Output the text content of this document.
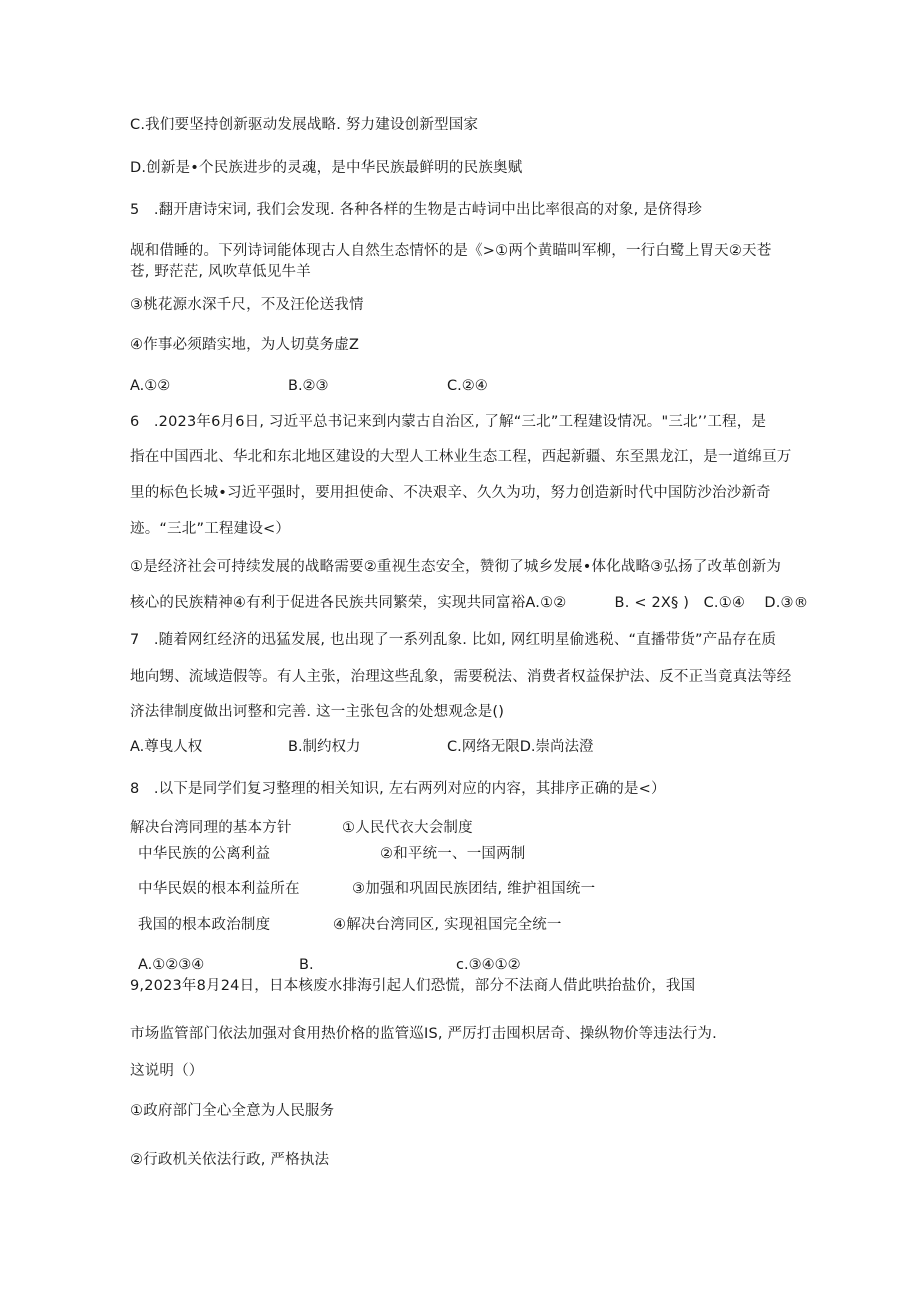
C.我们要坚持创新驱动发展战略. 努力建设创新型国家
D.创新是•个民族进步的灵魂，是中华民族最鲜明的民族奥赋
5   .翻开唐诗宋词, 我们会发现. 各种各样的生物是古峙词中出比率很高的对象, 是侪得珍
觇和借睡的。下列诗词能体现古人自然生态情怀的是《>①两个黄瞄叫军柳，一行白鹭上胃天②天苍
苍, 野茫茫, 风吹草低见牛羊
③桃花源水深千尺，不及汪伦送我情
④作事必须踏实地，为人切莫务虚Z
A.①②	B.②③	C.②④
6   .2023年6月6日, 习近平总书记来到内蒙古自治区, 了解“三北”工程建设情况。"三北’’工程，是
指在中国西北、华北和东北地区建设的大型人工林业生态工程，西起新疆、东至黑龙江，是一道绵亘万
里的标色长城•习近平强时，要用担使命、不决艰辛、久久为功，努力创造新时代中国防沙治沙新奇
迹。“三北”工程建设<）
①是经济社会可持续发展的战略需要②重视生态安全，赞彻了城乡发展•体化战略③弘扬了改革创新为
核心的民族精神④有利于促进各民族共同繁荣，实现共同富裕A.①②          B. < 2X§ )   C.①④    D.③®
7   .随着网红经济的迅猛发展, 也出现了一系列乱象. 比如, 网红明星偷逃税、“直播带货”产品存在质
地向甥、流域造假等。有人主张，治理这些乱象，需要税法、消费者权益保护法、反不正当竟真法等经
济法律制度做出诃整和完善. 这一主张包含的处想观念是()
A.尊曳人权	B.制约权力	C.网络无限D.崇尚法澄
8   .以下是同学们复习整理的相关知识, 左右两列对应的内容，其排序正确的是<）
解决台湾同理的基本方针	①人民代衣大会制度
中华民族的公离利益	②和平统一、一国两制
中华民娱的根本利益所在	③加强和巩固民族团结, 维护祖国统一
我国的根本政治制度	④解决台湾同区, 实现祖国完全统一
A.①②③④	B.	c.③④①②
9,2023年8月24日，日本核废水排海引起人们恐慌，部分不法商人借此哄抬盐价，我国
市场监管部门依法加强对食用热价格的监管巡IS, 严厉打击囤枳居奇、操纵物价等违法行为.
这说明（）
①政府部门全心全意为人民服务
②行政机关依法行政, 严格执法
